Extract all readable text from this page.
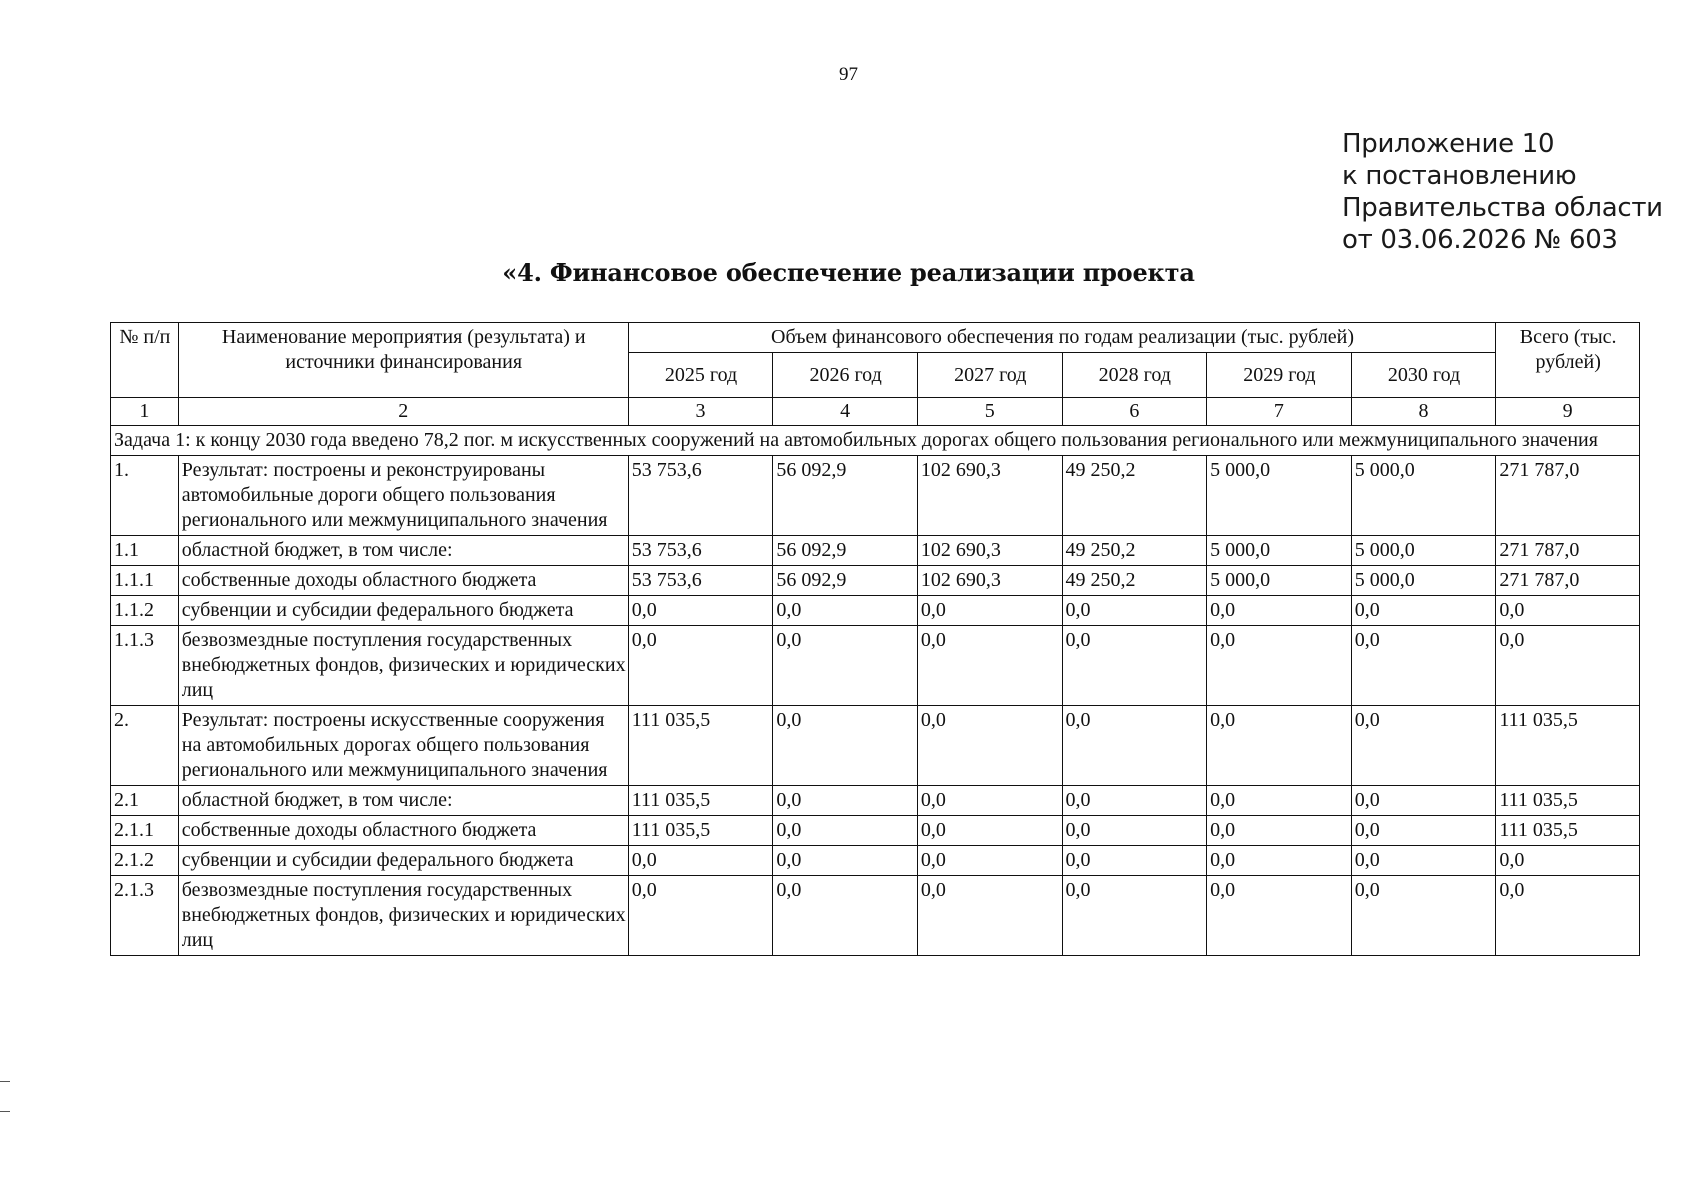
97
Приложение 10
к постановлению
Правительства области
от 03.06.2026 № 603
«4. Финансовое обеспечение реализации проекта
№ п/п	Наименование мероприятия (результата) и источники финансирования	Объем финансового обеспечения по годам реализации (тыс. рублей)						Всего (тыс. рублей)
		2025 год	2026 год	2027 год	2028 год	2029 год	2030 год	
1	2	3	4	5	6	7	8	9
Задача 1: к концу 2030 года введено 78,2 пог. м искусственных сооружений на автомобильных дорогах общего пользования регионального или межмуниципального значения								
1.	Результат: построены и реконструированы автомобильные дороги общего пользования регионального или межмуниципального значения	53 753,6	56 092,9	102 690,3	49 250,2	5 000,0	5 000,0	271 787,0
1.1	областной бюджет, в том числе:	53 753,6	56 092,9	102 690,3	49 250,2	5 000,0	5 000,0	271 787,0
1.1.1	собственные доходы областного бюджета	53 753,6	56 092,9	102 690,3	49 250,2	5 000,0	5 000,0	271 787,0
1.1.2	субвенции и субсидии федерального бюджета	0,0	0,0	0,0	0,0	0,0	0,0	0,0
1.1.3	безвозмездные поступления государственных внебюджетных фондов, физических и юридических лиц	0,0	0,0	0,0	0,0	0,0	0,0	0,0
2.	Результат: построены искусственные сооружения на автомобильных дорогах общего пользования регионального или межмуниципального значения	111 035,5	0,0	0,0	0,0	0,0	0,0	111 035,5
2.1	областной бюджет, в том числе:	111 035,5	0,0	0,0	0,0	0,0	0,0	111 035,5
2.1.1	собственные доходы областного бюджета	111 035,5	0,0	0,0	0,0	0,0	0,0	111 035,5
2.1.2	субвенции и субсидии федерального бюджета	0,0	0,0	0,0	0,0	0,0	0,0	0,0
2.1.3	безвозмездные поступления государственных внебюджетных фондов, физических и юридических лиц	0,0	0,0	0,0	0,0	0,0	0,0	0,0
